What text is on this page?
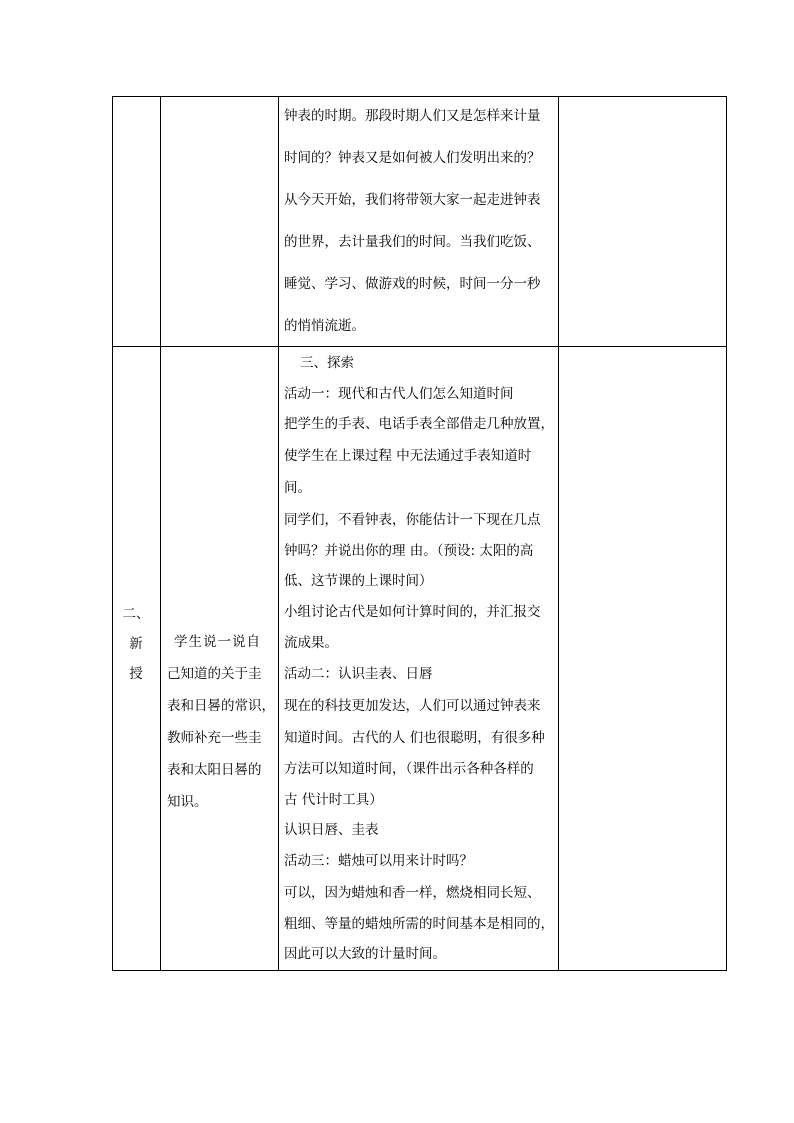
钟表的时期。那段时期人们又是怎样来计量
时间的？钟表又是如何被人们发明出来的？
从今天开始，我们将带领大家一起走进钟表
的世界，去计量我们的时间。当我们吃饭、
睡觉、学习、做游戏的时候，时间一分一秒
的悄悄流逝。
二、
新
授
学生说一说自
己知道的关于圭
表和日晷的常识，
教师补充一些圭
表和太阳日晷的
知识。
三、探索
活动一：现代和古代人们怎么知道时间
把学生的手表、电话手表全部借走几种放置，
使学生在上课过程 中无法通过手表知道时
间。
同学们，不看钟表，你能估计一下现在几点
钟吗？并说出你的理 由。（预设: 太阳的高
低、这节课的上课时间）
小组讨论古代是如何计算时间的，并汇报交
流成果。
活动二：认识圭表、日唇
现在的科技更加发达，人们可以通过钟表来
知道时间。古代的人 们也很聪明，有很多种
方法可以知道时间，（课件出示各种各样的
古 代计时工具）
认识日唇、圭表
活动三：蜡烛可以用来计时吗？
可以，因为蜡烛和香一样，燃烧相同长短、
粗细、等量的蜡烛所需的时间基本是相同的，
因此可以大致的计量时间。
